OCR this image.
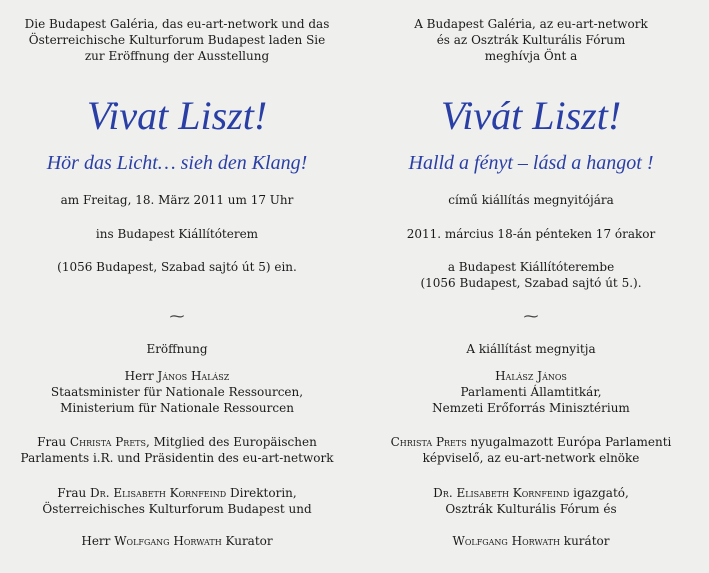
Die Budapest Galéria, das eu-art-network und das
Österreichische Kulturforum Budapest laden Sie
zur Eröffnung der Ausstellung
Vivat Liszt!
Hör das Licht… sieh den Klang!
am Freitag, 18. März 2011 um 17 Uhr
ins Budapest Kiállítóterem
(1056 Budapest, Szabad sajtó út 5) ein.
⁓
Eröffnung
Herr János Halász
Staatsminister für Nationale Ressourcen,
Ministerium für Nationale Ressourcen
Frau Christa Prets, Mitglied des Europäischen
Parlaments i.R. und Präsidentin des eu-art-network
Frau Dr. Elisabeth Kornfeind Direktorin,
Österreichisches Kulturforum Budapest und
Herr Wolfgang Horwath Kurator
A Budapest Galéria, az eu-art-network
és az Osztrák Kulturális Fórum
meghívja Önt a
Vivát Liszt!
Halld a fényt – lásd a hangot !
című kiállítás megnyitójára
2011. március 18-án pénteken 17 órakor
a Budapest Kiállítóterembe
(1056 Budapest, Szabad sajtó út 5.).
⁓
A kiállítást megnyitja
Halász János
Parlamenti Államtitkár,
Nemzeti Erőforrás Minisztérium
Christa Prets nyugalmazott Európa Parlamenti
képviselő, az eu-art-network elnöke
Dr. Elisabeth Kornfeind igazgató,
Osztrák Kulturális Fórum és
Wolfgang Horwath kurátor
